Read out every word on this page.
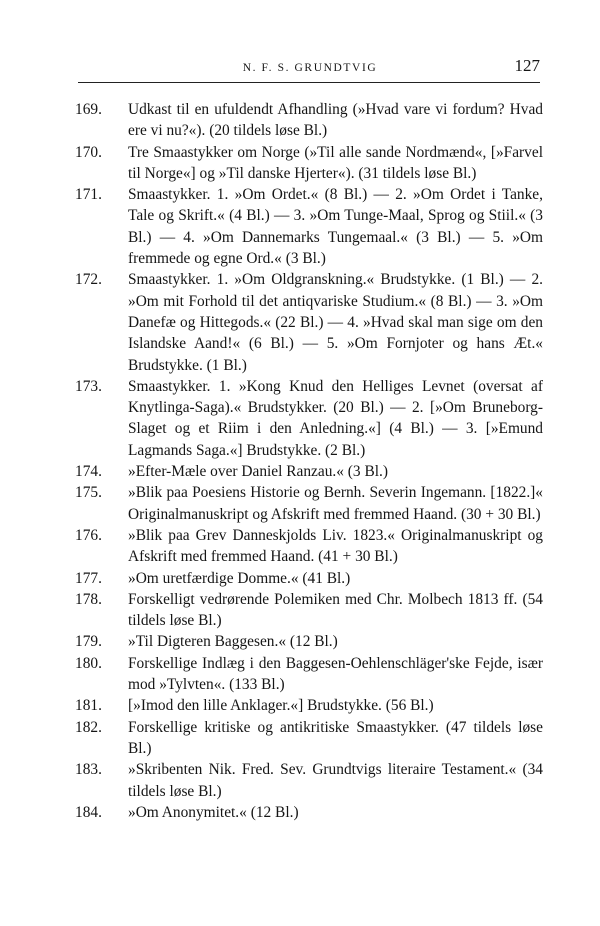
N. F. S. GRUNDTVIG	127
169. Udkast til en ufuldendt Afhandling (»Hvad vare vi fordum? Hvad ere vi nu?«). (20 tildels løse Bl.)
170. Tre Smaastykker om Norge (»Til alle sande Nordmænd«, [»Farvel til Norge«] og »Til danske Hjerter«). (31 tildels løse Bl.)
171. Smaastykker. 1. »Om Ordet.« (8 Bl.) — 2. »Om Ordet i Tanke, Tale og Skrift.« (4 Bl.) — 3. »Om Tunge-Maal, Sprog og Stiil.« (3 Bl.) — 4. »Om Dannemarks Tungemaal.« (3 Bl.) — 5. »Om fremmede og egne Ord.« (3 Bl.)
172. Smaastykker. 1. »Om Oldgranskning.« Brudstykke. (1 Bl.) — 2. »Om mit Forhold til det antiqvariske Studium.« (8 Bl.) — 3. »Om Danefæ og Hittegods.« (22 Bl.) — 4. »Hvad skal man sige om den Islandske Aand!« (6 Bl.) — 5. »Om Fornjoter og hans Æt.« Brudstykke. (1 Bl.)
173. Smaastykker. 1. »Kong Knud den Helliges Levnet (oversat af Knytlinga-Saga).« Brudstykker. (20 Bl.) — 2. [»Om Bruneborg-Slaget og et Riim i den Anledning.«] (4 Bl.) — 3. [»Emund Lagmands Saga.«] Brudstykke. (2 Bl.)
174. »Efter-Mæle over Daniel Ranzau.« (3 Bl.)
175. »Blik paa Poesiens Historie og Bernh. Severin Ingemann. [1822.]« Originalmanuskript og Afskrift med fremmed Haand. (30 + 30 Bl.)
176. »Blik paa Grev Danneskjolds Liv. 1823.« Originalmanuskript og Afskrift med fremmed Haand. (41 + 30 Bl.)
177. »Om uretfærdige Domme.« (41 Bl.)
178. Forskelligt vedrørende Polemiken med Chr. Molbech 1813 ff. (54 tildels løse Bl.)
179. »Til Digteren Baggesen.« (12 Bl.)
180. Forskellige Indlæg i den Baggesen-Oehlenschläger'ske Fejde, især mod »Tylvten«. (133 Bl.)
181. [»Imod den lille Anklager.«] Brudstykke. (56 Bl.)
182. Forskellige kritiske og antikritiske Smaastykker. (47 tildels løse Bl.)
183. »Skribenten Nik. Fred. Sev. Grundtvigs literaire Testament.« (34 tildels løse Bl.)
184. »Om Anonymitet.« (12 Bl.)
